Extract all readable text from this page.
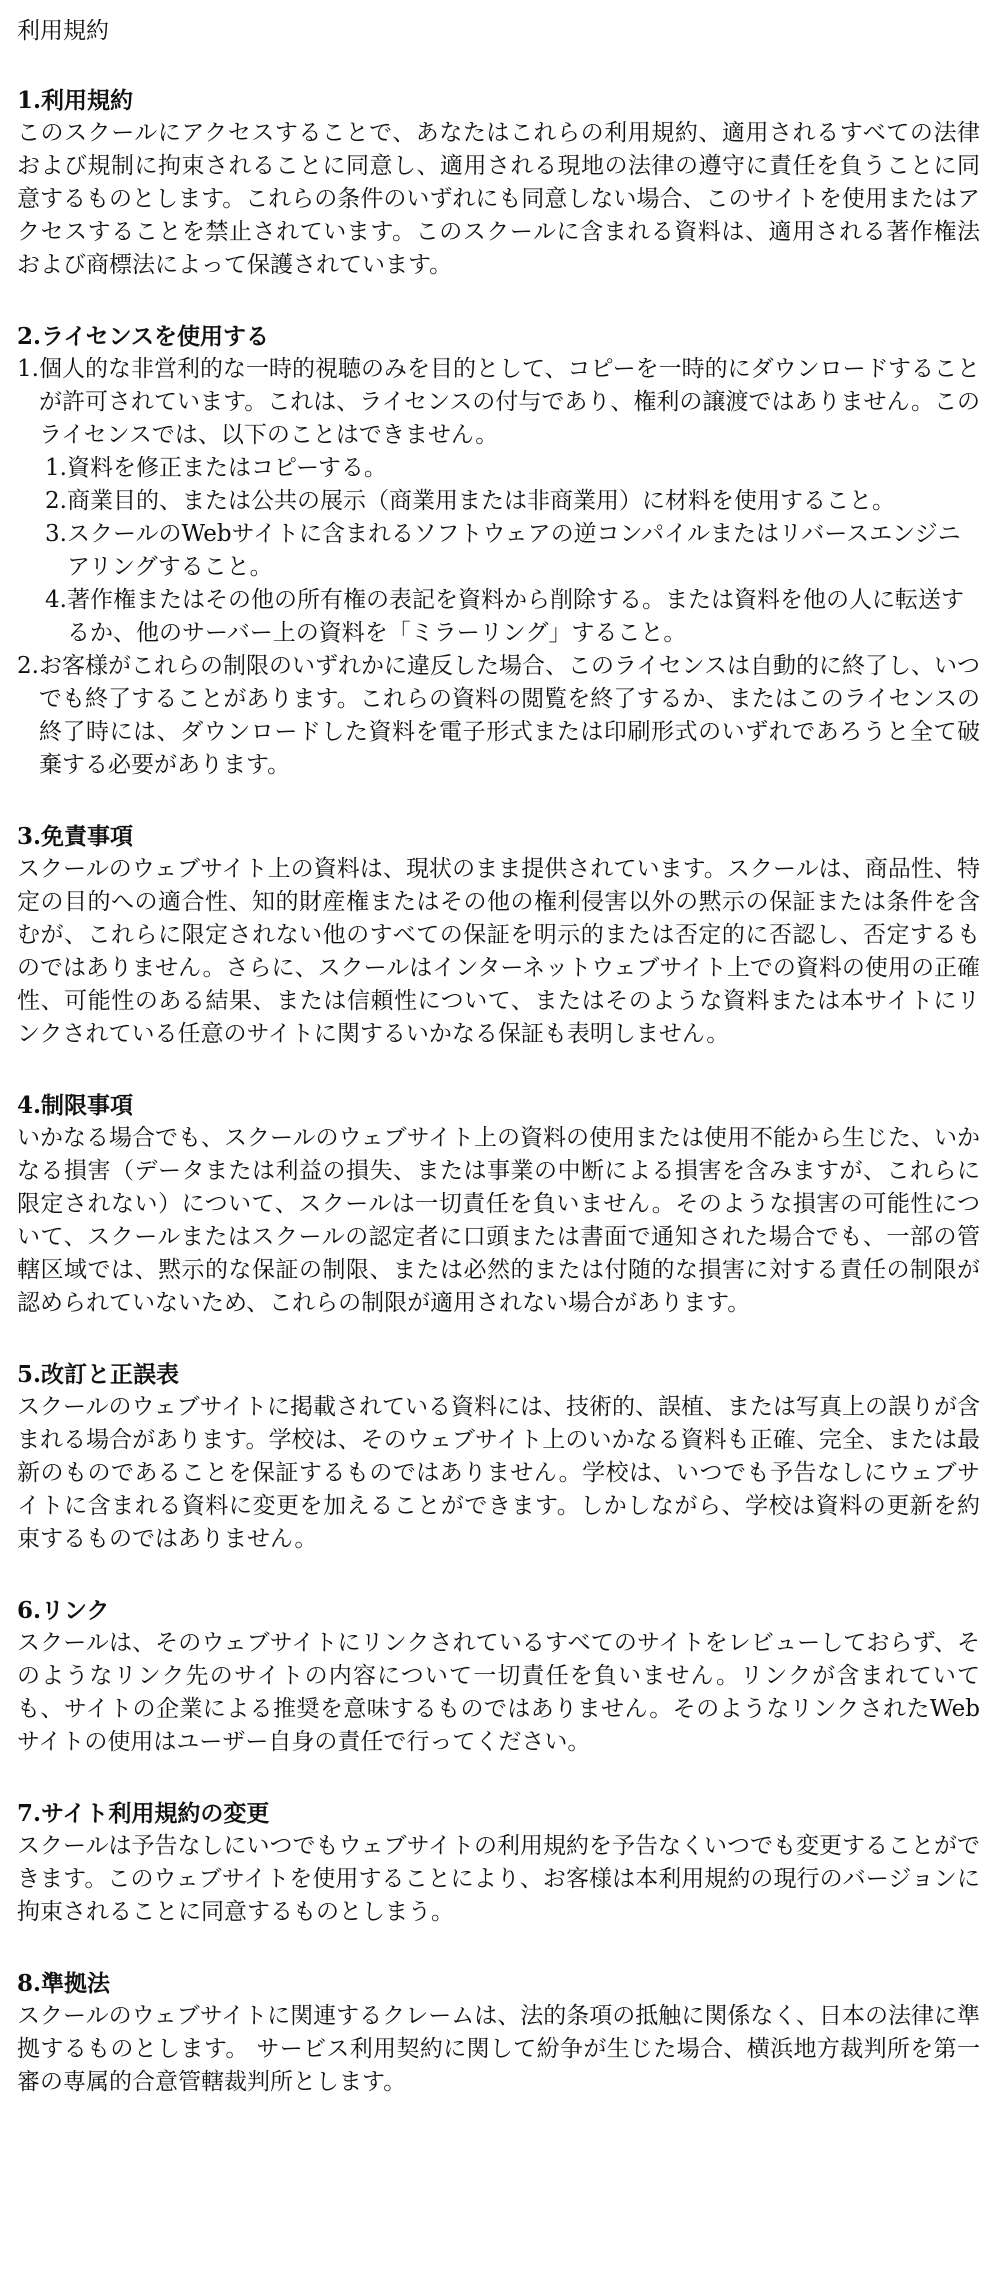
利用規約
1.利用規約

このスクールにアクセスすることで、あなたはこれらの利用規約、適用されるすべての法律および規制に拘束されることに同意し、適用される現地の法律の遵守に責任を負うことに同意するものとします。これらの条件のいずれにも同意しない場合、このサイトを使用またはアクセスすることを禁止されています。このスクールに含まれる資料は、適用される著作権法および商標法によって保護されています。

2.ライセンスを使用する
1. 個人的な非営利的な一時的視聴のみを目的として、コピーを一時的にダウンロードすることが許可されています。これは、ライセンスの付与であり、権利の譲渡ではありません。このライセンスでは、以下のことはできません。
1. 資料を修正またはコピーする。
2. 商業目的、または公共の展示（商業用または非商業用）に材料を使用すること。
3. スクールのWebサイトに含まれるソフトウェアの逆コンパイルまたはリバースエンジニアリングすること。
4. 著作権またはその他の所有権の表記を資料から削除する。または資料を他の人に転送するか、他のサーバー上の資料を「ミラーリング」すること。
2. お客様がこれらの制限のいずれかに違反した場合、このライセンスは自動的に終了し、いつでも終了することがあります。これらの資料の閲覧を終了するか、またはこのライセンスの終了時には、ダウンロードした資料を電子形式または印刷形式のいずれであろうと全て破棄する必要があります。
3.免責事項

スクールのウェブサイト上の資料は、現状のまま提供されています。スクールは、商品性、特定の目的への適合性、知的財産権またはその他の権利侵害以外の黙示の保証または条件を含むが、これらに限定されない他のすべての保証を明示的または否定的に否認し、否定するものではありません。さらに、スクールはインターネットウェブサイト上での資料の使用の正確性、可能性のある結果、または信頼性について、またはそのような資料または本サイトにリンクされている任意のサイトに関するいかなる保証も表明しません。

4.制限事項

いかなる場合でも、スクールのウェブサイト上の資料の使用または使用不能から生じた、いかなる損害（データまたは利益の損失、または事業の中断による損害を含みますが、これらに限定されない）について、スクールは一切責任を負いません。そのような損害の可能性について、スクールまたはスクールの認定者に口頭または書面で通知された場合でも、一部の管轄区域では、黙示的な保証の制限、または必然的または付随的な損害に対する責任の制限が認められていないため、これらの制限が適用されない場合があります。

5.改訂と正誤表

スクールのウェブサイトに掲載されている資料には、技術的、誤植、または写真上の誤りが含まれる場合があります。学校は、そのウェブサイト上のいかなる資料も正確、完全、または最新のものであることを保証するものではありません。学校は、いつでも予告なしにウェブサイトに含まれる資料に変更を加えることができます。しかしながら、学校は資料の更新を約束するものではありません。

6.リンク

スクールは、そのウェブサイトにリンクされているすべてのサイトをレビューしておらず、そのようなリンク先のサイトの内容について一切責任を負いません。リンクが含まれていても、サイトの企業による推奨を意味するものではありません。そのようなリンクされたWebサイトの使用はユーザー自身の責任で行ってください。

7.サイト利用規約の変更

スクールは予告なしにいつでもウェブサイトの利用規約を予告なくいつでも変更することができます。このウェブサイトを使用することにより、お客様は本利用規約の現行のバージョンに拘束されることに同意するものとしまう。

8.準拠法

スクールのウェブサイトに関連するクレームは、法的条項の抵触に関係なく、日本の法律に準拠するものとします。 サービス利用契約に関して紛争が生じた場合、横浜地方裁判所を第一審の専属的合意管轄裁判所とします。
